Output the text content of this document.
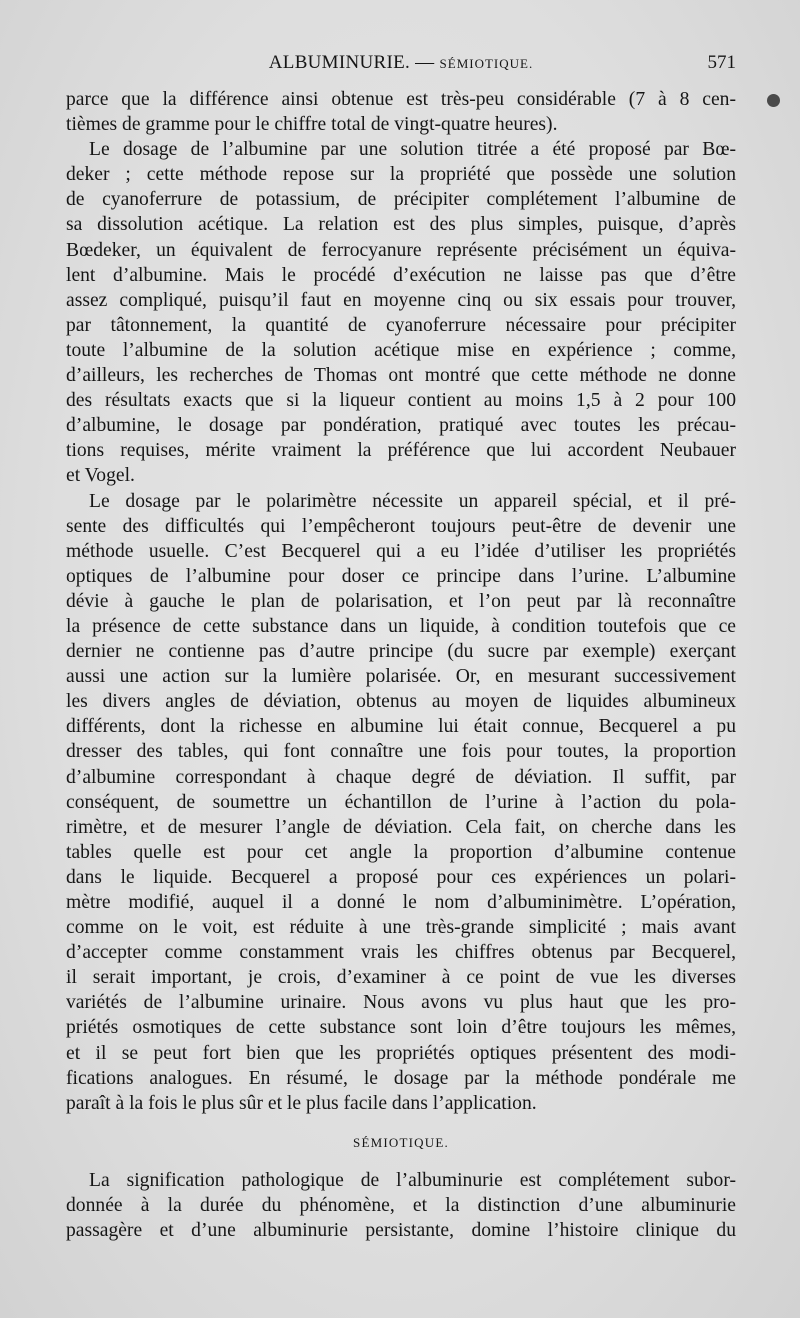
ALBUMINURIE. — SÉMIOTIQUE.	571

parce que la différence ainsi obtenue est très-peu considérable (7 à 8 cen-

tièmes de gramme pour le chiffre total de vingt-quatre heures).

Le dosage de l’albumine par une solution titrée a été proposé par Bœ-

deker ; cette méthode repose sur la propriété que possède une solution

de cyanoferrure de potassium, de précipiter complétement l’albumine de

sa dissolution acétique. La relation est des plus simples, puisque, d’après

Bœdeker, un équivalent de ferrocyanure représente précisément un équiva-

lent d’albumine. Mais le procédé d’exécution ne laisse pas que d’être

assez compliqué, puisqu’il faut en moyenne cinq ou six essais pour trouver,

par tâtonnement, la quantité de cyanoferrure nécessaire pour précipiter

toute l’albumine de la solution acétique mise en expérience ; comme,

d’ailleurs, les recherches de Thomas ont montré que cette méthode ne donne

des résultats exacts que si la liqueur contient au moins 1,5 à 2 pour 100

d’albumine, le dosage par pondération, pratiqué avec toutes les précau-

tions requises, mérite vraiment la préférence que lui accordent Neubauer

et Vogel.

Le dosage par le polarimètre nécessite un appareil spécial, et il pré-

sente des difficultés qui l’empêcheront toujours peut-être de devenir une

méthode usuelle. C’est Becquerel qui a eu l’idée d’utiliser les propriétés

optiques de l’albumine pour doser ce principe dans l’urine. L’albumine

dévie à gauche le plan de polarisation, et l’on peut par là reconnaître

la présence de cette substance dans un liquide, à condition toutefois que ce

dernier ne contienne pas d’autre principe (du sucre par exemple) exerçant

aussi une action sur la lumière polarisée. Or, en mesurant successivement

les divers angles de déviation, obtenus au moyen de liquides albumineux

différents, dont la richesse en albumine lui était connue, Becquerel a pu

dresser des tables, qui font connaître une fois pour toutes, la proportion

d’albumine correspondant à chaque degré de déviation. Il suffit, par

conséquent, de soumettre un échantillon de l’urine à l’action du pola-

rimètre, et de mesurer l’angle de déviation. Cela fait, on cherche dans les

tables quelle est pour cet angle la proportion d’albumine contenue

dans le liquide. Becquerel a proposé pour ces expériences un polari-

mètre modifié, auquel il a donné le nom d’albuminimètre. L’opération,

comme on le voit, est réduite à une très-grande simplicité ; mais avant

d’accepter comme constamment vrais les chiffres obtenus par Becquerel,

il serait important, je crois, d’examiner à ce point de vue les diverses

variétés de l’albumine urinaire. Nous avons vu plus haut que les pro-

priétés osmotiques de cette substance sont loin d’être toujours les mêmes,

et il se peut fort bien que les propriétés optiques présentent des modi-

fications analogues. En résumé, le dosage par la méthode pondérale me

paraît à la fois le plus sûr et le plus facile dans l’application.

SÉMIOTIQUE.

La signification pathologique de l’albuminurie est complétement subor-

donnée à la durée du phénomène, et la distinction d’une albuminurie

passagère et d’une albuminurie persistante, domine l’histoire clinique du
